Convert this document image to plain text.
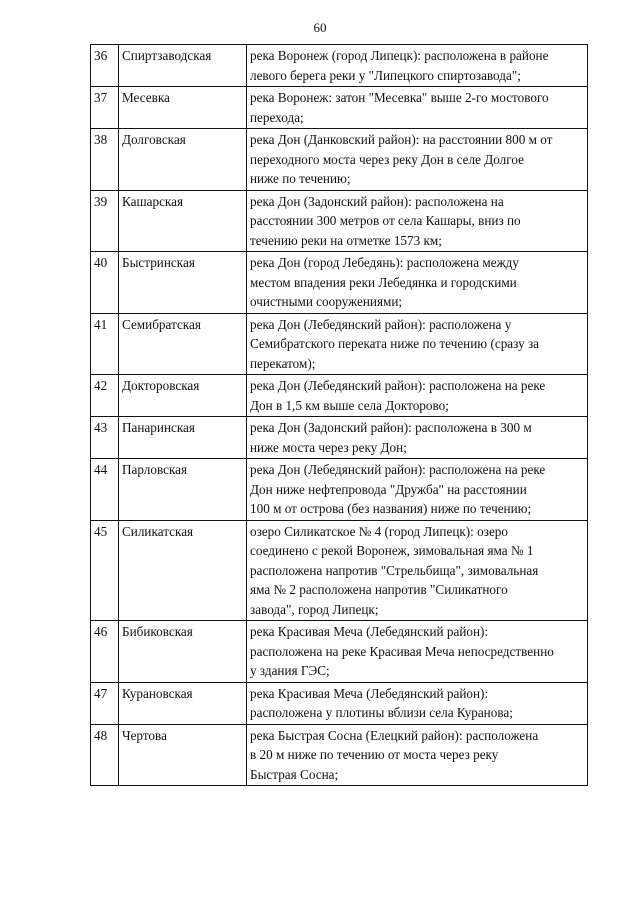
60
36	Спиртзаводская	река Воронеж (город Липецк): расположена в районе
левого берега реки у "Липецкого спиртозавода";

37	Месевка	река Воронеж: затон "Месевка" выше 2-го мостового
перехода;

38	Долговская	река Дон (Данковский район): на расстоянии 800 м от
переходного моста через реку Дон в селе Долгое
ниже по течению;

39	Кашарская	река Дон (Задонский район): расположена на
расстоянии 300 метров от села Кашары, вниз по
течению реки на отметке 1573 км;

40	Быстринская	река Дон (город Лебедянь): расположена между
местом впадения реки Лебедянка и городскими
очистными сооружениями;

41	Семибратская	река Дон (Лебедянский район): расположена у
Семибратского переката ниже по течению (сразу за
перекатом);

42	Докторовская	река Дон (Лебедянский район): расположена на реке
Дон в 1,5 км выше села Докторово;

43	Панаринская	река Дон (Задонский район): расположена в 300 м
ниже моста через реку Дон;

44	Парловская	река Дон (Лебедянский район): расположена на реке
Дон ниже нефтепровода "Дружба" на расстоянии
100 м от острова (без названия) ниже по течению;

45	Силикатская	озеро Силикатское № 4 (город Липецк): озеро
соединено с рекой Воронеж, зимовальная яма № 1
расположена напротив "Стрельбища", зимовальная
яма № 2 расположена напротив "Силикатного
завода", город Липецк;

46	Бибиковская	река Красивая Меча (Лебедянский район):
расположена на реке Красивая Меча непосредственно
у здания ГЭС;

47	Курановская	река Красивая Меча (Лебедянский район):
расположена у плотины вблизи села Куранова;

48	Чертова	река Быстрая Сосна (Елецкий район): расположена
в 20 м ниже по течению от моста через реку
Быстрая Сосна;
